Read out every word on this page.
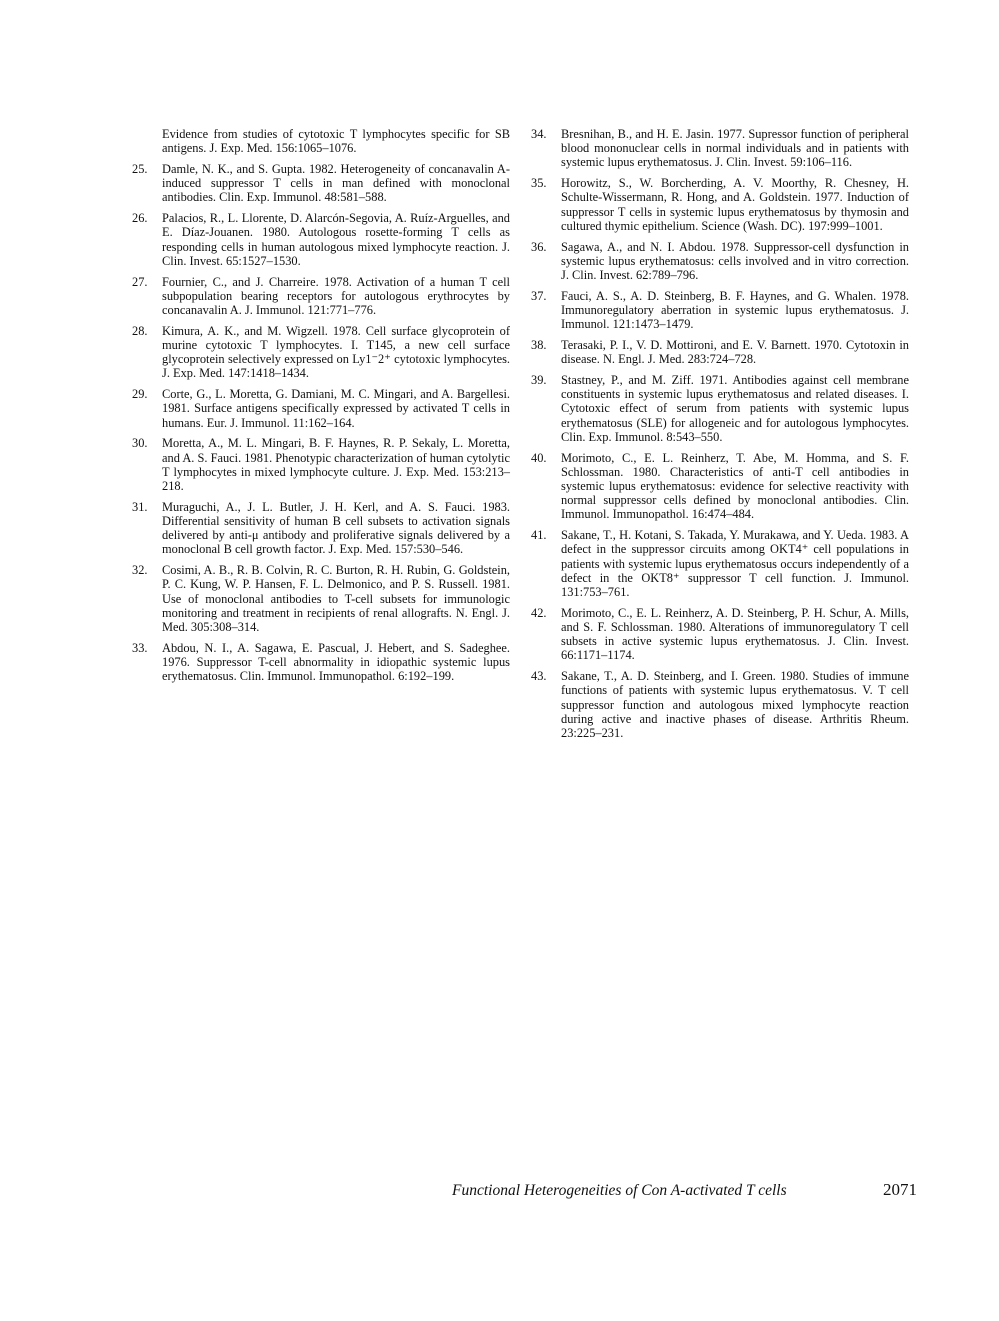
Evidence from studies of cytotoxic T lymphocytes specific for SB antigens. J. Exp. Med. 156:1065–1076.
25. Damle, N. K., and S. Gupta. 1982. Heterogeneity of concanavalin A-induced suppressor T cells in man defined with monoclonal antibodies. Clin. Exp. Immunol. 48:581–588.
26. Palacios, R., L. Llorente, D. Alarcón-Segovia, A. Ruíz-Arguelles, and E. Díaz-Jouanen. 1980. Autologous rosette-forming T cells as responding cells in human autologous mixed lymphocyte reaction. J. Clin. Invest. 65:1527–1530.
27. Fournier, C., and J. Charreire. 1978. Activation of a human T cell subpopulation bearing receptors for autologous erythrocytes by concanavalin A. J. Immunol. 121:771–776.
28. Kimura, A. K., and M. Wigzell. 1978. Cell surface glycoprotein of murine cytotoxic T lymphocytes. I. T145, a new cell surface glycoprotein selectively expressed on Ly1⁻2⁺ cytotoxic lymphocytes. J. Exp. Med. 147:1418–1434.
29. Corte, G., L. Moretta, G. Damiani, M. C. Mingari, and A. Bargellesi. 1981. Surface antigens specifically expressed by activated T cells in humans. Eur. J. Immunol. 11:162–164.
30. Moretta, A., M. L. Mingari, B. F. Haynes, R. P. Sekaly, L. Moretta, and A. S. Fauci. 1981. Phenotypic characterization of human cytolytic T lymphocytes in mixed lymphocyte culture. J. Exp. Med. 153:213–218.
31. Muraguchi, A., J. L. Butler, J. H. Kerl, and A. S. Fauci. 1983. Differential sensitivity of human B cell subsets to activation signals delivered by anti-μ antibody and proliferative signals delivered by a monoclonal B cell growth factor. J. Exp. Med. 157:530–546.
32. Cosimi, A. B., R. B. Colvin, R. C. Burton, R. H. Rubin, G. Goldstein, P. C. Kung, W. P. Hansen, F. L. Delmonico, and P. S. Russell. 1981. Use of monoclonal antibodies to T-cell subsets for immunologic monitoring and treatment in recipients of renal allografts. N. Engl. J. Med. 305:308–314.
33. Abdou, N. I., A. Sagawa, E. Pascual, J. Hebert, and S. Sadeghee. 1976. Suppressor T-cell abnormality in idiopathic systemic lupus erythematosus. Clin. Immunol. Immunopathol. 6:192–199.
34. Bresnihan, B., and H. E. Jasin. 1977. Supressor function of peripheral blood mononuclear cells in normal individuals and in patients with systemic lupus erythematosus. J. Clin. Invest. 59:106–116.
35. Horowitz, S., W. Borcherding, A. V. Moorthy, R. Chesney, H. Schulte-Wissermann, R. Hong, and A. Goldstein. 1977. Induction of suppressor T cells in systemic lupus erythematosus by thymosin and cultured thymic epithelium. Science (Wash. DC). 197:999–1001.
36. Sagawa, A., and N. I. Abdou. 1978. Suppressor-cell dysfunction in systemic lupus erythematosus: cells involved and in vitro correction. J. Clin. Invest. 62:789–796.
37. Fauci, A. S., A. D. Steinberg, B. F. Haynes, and G. Whalen. 1978. Immunoregulatory aberration in systemic lupus erythematosus. J. Immunol. 121:1473–1479.
38. Terasaki, P. I., V. D. Mottironi, and E. V. Barnett. 1970. Cytotoxin in disease. N. Engl. J. Med. 283:724–728.
39. Stastney, P., and M. Ziff. 1971. Antibodies against cell membrane constituents in systemic lupus erythematosus and related diseases. I. Cytotoxic effect of serum from patients with systemic lupus erythematosus (SLE) for allogeneic and for autologous lymphocytes. Clin. Exp. Immunol. 8:543–550.
40. Morimoto, C., E. L. Reinherz, T. Abe, M. Homma, and S. F. Schlossman. 1980. Characteristics of anti-T cell antibodies in systemic lupus erythematosus: evidence for selective reactivity with normal suppressor cells defined by monoclonal antibodies. Clin. Immunol. Immunopathol. 16:474–484.
41. Sakane, T., H. Kotani, S. Takada, Y. Murakawa, and Y. Ueda. 1983. A defect in the suppressor circuits among OKT4⁺ cell populations in patients with systemic lupus erythematosus occurs independently of a defect in the OKT8⁺ suppressor T cell function. J. Immunol. 131:753–761.
42. Morimoto, C., E. L. Reinherz, A. D. Steinberg, P. H. Schur, A. Mills, and S. F. Schlossman. 1980. Alterations of immunoregulatory T cell subsets in active systemic lupus erythematosus. J. Clin. Invest. 66:1171–1174.
43. Sakane, T., A. D. Steinberg, and I. Green. 1980. Studies of immune functions of patients with systemic lupus erythematosus. V. T cell suppressor function and autologous mixed lymphocyte reaction during active and inactive phases of disease. Arthritis Rheum. 23:225–231.
Functional Heterogeneities of Con A-activated T cells	2071
